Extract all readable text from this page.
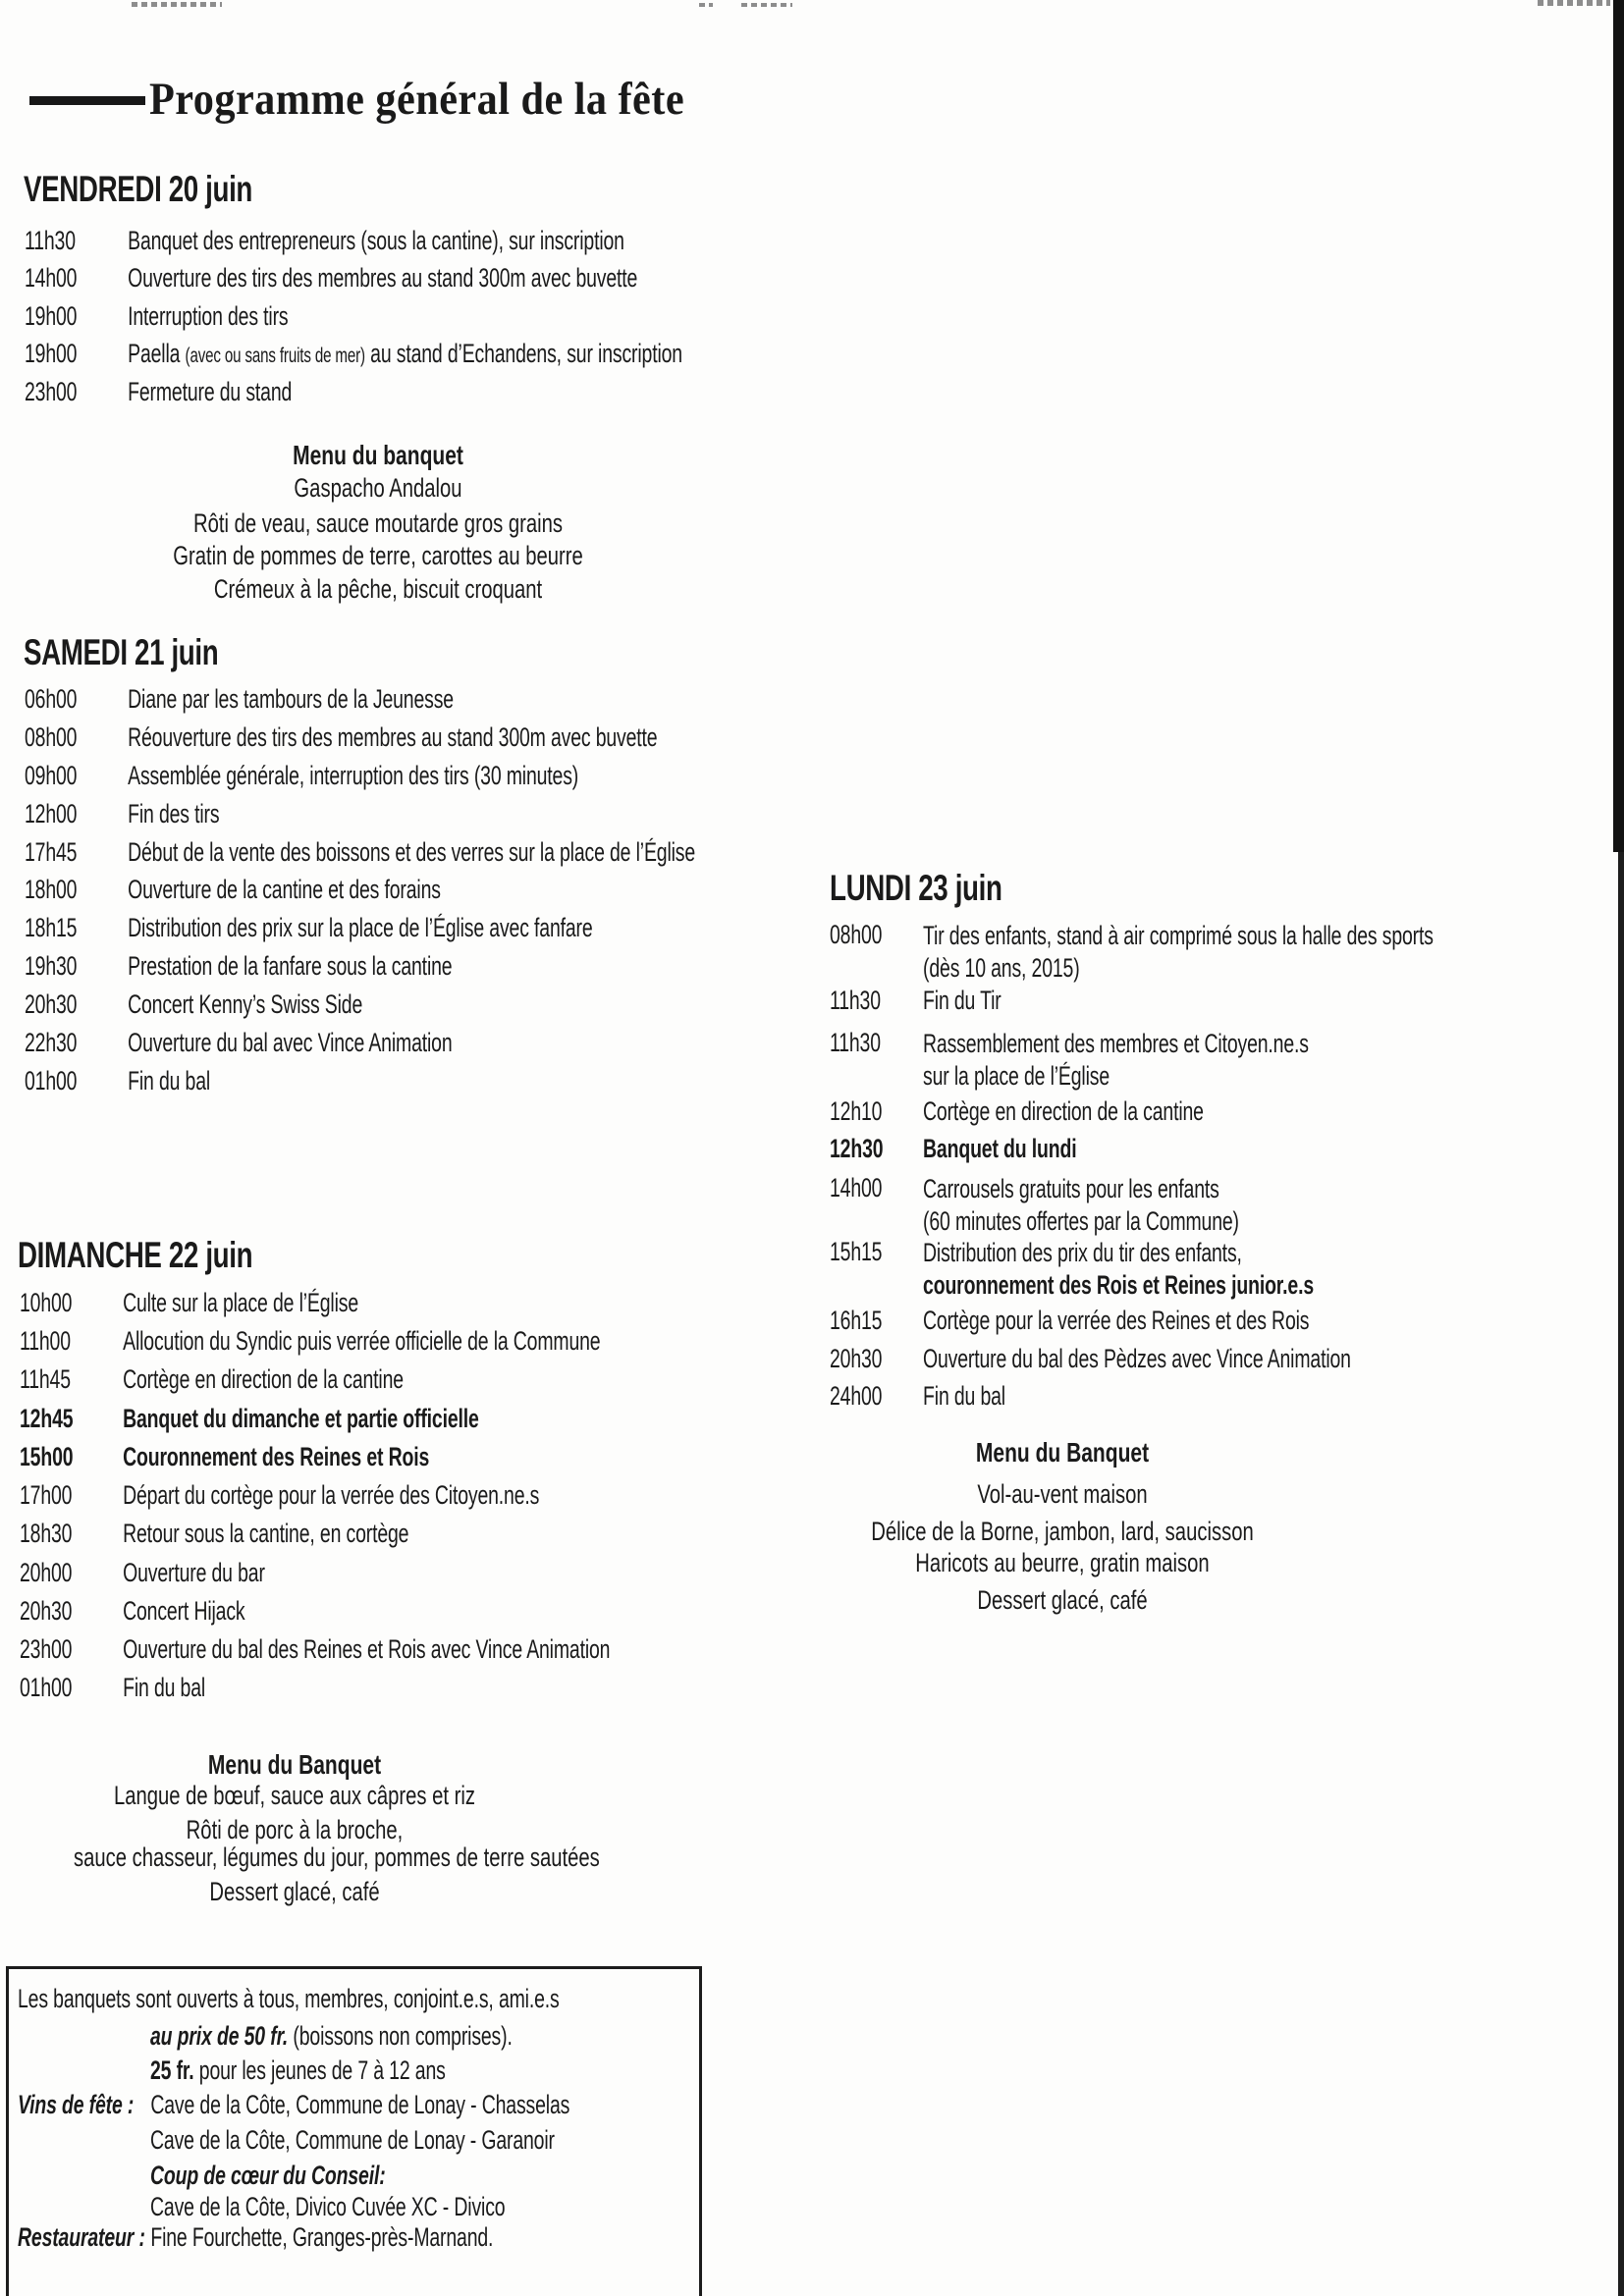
Programme général de la fête
VENDREDI 20 juin
11h30 Banquet des entrepreneurs (sous la cantine), sur inscription
14h00 Ouverture des tirs des membres au stand 300m avec buvette
19h00 Interruption des tirs
19h00 Paella (avec ou sans fruits de mer) au stand d’Echandens, sur inscription
23h00 Fermeture du stand
Menu du banquet
Gaspacho Andalou
Rôti de veau, sauce moutarde gros grains
Gratin de pommes de terre, carottes au beurre
Crémeux à la pêche, biscuit croquant
SAMEDI 21 juin
06h00 Diane par les tambours de la Jeunesse
08h00 Réouverture des tirs des membres au stand 300m avec buvette
09h00 Assemblée générale, interruption des tirs (30 minutes)
12h00 Fin des tirs
17h45 Début de la vente des boissons et des verres sur la place de l’Église
18h00 Ouverture de la cantine et des forains
18h15 Distribution des prix sur la place de l’Église avec fanfare
19h30 Prestation de la fanfare sous la cantine
20h30 Concert Kenny’s Swiss Side
22h30 Ouverture du bal avec Vince Animation
01h00 Fin du bal
LUNDI 23 juin
08h00 Tir des enfants, stand à air comprimé sous la halle des sports
(dès 10 ans, 2015)
11h30 Fin du Tir
11h30 Rassemblement des membres et Citoyen.ne.s
sur la place de l’Église
12h10 Cortège en direction de la cantine
12h30 Banquet du lundi
14h00 Carrousels gratuits pour les enfants
(60 minutes offertes par la Commune)
15h15 Distribution des prix du tir des enfants,
couronnement des Rois et Reines junior.e.s
16h15 Cortège pour la verrée des Reines et des Rois
20h30 Ouverture du bal des Pèdzes avec Vince Animation
24h00 Fin du bal
Menu du Banquet
Vol-au-vent maison
Délice de la Borne, jambon, lard, saucisson
Haricots au beurre, gratin maison
Dessert glacé, café
DIMANCHE 22 juin
10h00 Culte sur la place de l’Église
11h00 Allocution du Syndic puis verrée officielle de la Commune
11h45 Cortège en direction de la cantine
12h45 Banquet du dimanche et partie officielle
15h00 Couronnement des Reines et Rois
17h00 Départ du cortège pour la verrée des Citoyen.ne.s
18h30 Retour sous la cantine, en cortège
20h00 Ouverture du bar
20h30 Concert Hijack
23h00 Ouverture du bal des Reines et Rois avec Vince Animation
01h00 Fin du bal
Menu du Banquet
Langue de bœuf, sauce aux câpres et riz
Rôti de porc à la broche,
sauce chasseur, légumes du jour, pommes de terre sautées
Dessert glacé, café
Les banquets sont ouverts à tous, membres, conjoint.e.s, ami.e.s
au prix de 50 fr. (boissons non comprises).
25 fr. pour les jeunes de 7 à 12 ans
Vins de fête : Cave de la Côte, Commune de Lonay - Chasselas
Cave de la Côte, Commune de Lonay - Garanoir
Coup de cœur du Conseil:
Cave de la Côte, Divico Cuvée XC - Divico
Restaurateur : Fine Fourchette, Granges-près-Marnand.
